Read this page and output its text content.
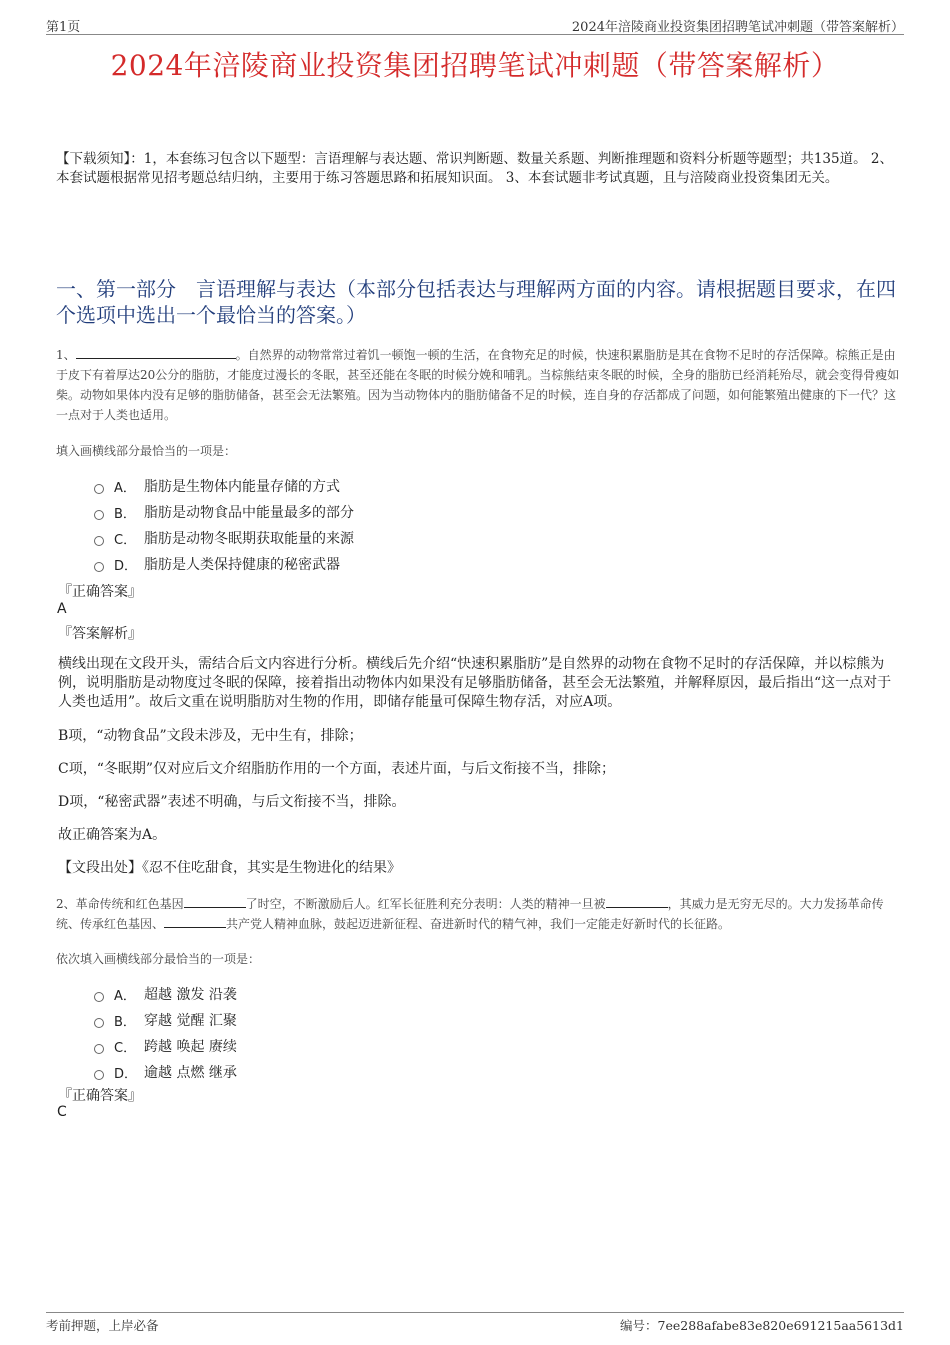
第1页	2024年涪陵商业投资集团招聘笔试冲刺题（带答案解析）
2024年涪陵商业投资集团招聘笔试冲刺题（带答案解析）
【下载须知】：1，本套练习包含以下题型：言语理解与表达题、常识判断题、数量关系题、判断推理题和资料分析题等题型；共135道。 2、本套试题根据常见招考题总结归纳，主要用于练习答题思路和拓展知识面。 3、本套试题非考试真题，且与涪陵商业投资集团无关。
一、第一部分　言语理解与表达（本部分包括表达与理解两方面的内容。请根据题目要求，在四个选项中选出一个最恰当的答案。）
1、	。自然界的动物常常过着饥一顿饱一顿的生活，在食物充足的时候，快速积累脂肪是其在食物不足时的存活保障。棕熊正是由于皮下有着厚达20公分的脂肪，才能度过漫长的冬眠，甚至还能在冬眠的时候分娩和哺乳。当棕熊结束冬眠的时候，全身的脂肪已经消耗殆尽，就会变得骨瘦如柴。动物如果体内没有足够的脂肪储备，甚至会无法繁殖。因为当动物体内的脂肪储备不足的时候，连自身的存活都成了问题，如何能繁殖出健康的下一代？这一点对于人类也适用。
填入画横线部分最恰当的一项是：
A． 脂肪是生物体内能量存储的方式
B． 脂肪是动物食品中能量最多的部分
C． 脂肪是动物冬眠期获取能量的来源
D． 脂肪是人类保持健康的秘密武器
『正确答案』
A
『答案解析』
横线出现在文段开头，需结合后文内容进行分析。横线后先介绍“快速积累脂肪”是自然界的动物在食物不足时的存活保障，并以棕熊为例，说明脂肪是动物度过冬眠的保障，接着指出动物体内如果没有足够脂肪储备，甚至会无法繁殖，并解释原因，最后指出“这一点对于人类也适用”。故后文重在说明脂肪对生物的作用，即储存能量可保障生物存活，对应A项。
B项，“动物食品”文段未涉及，无中生有，排除；
C项，“冬眠期”仅对应后文介绍脂肪作用的一个方面，表述片面，与后文衔接不当，排除；
D项，“秘密武器”表述不明确，与后文衔接不当，排除。
故正确答案为A。
【文段出处】《忍不住吃甜食，其实是生物进化的结果》
2、革命传统和红色基因	了时空，不断激励后人。红军长征胜利充分表明：人类的精神一旦被	，其威力是无穷无尽的。大力发扬革命传统、传承红色基因、	共产党人精神血脉，鼓起迈进新征程、奋进新时代的精气神，我们一定能走好新时代的长征路。
依次填入画横线部分最恰当的一项是：
A． 超越 激发 沿袭
B． 穿越 觉醒 汇聚
C． 跨越 唤起 赓续
D． 逾越 点燃 继承
『正确答案』
C
考前押题，上岸必备	编号：7ee288afabe83e820e691215aa5613d1
